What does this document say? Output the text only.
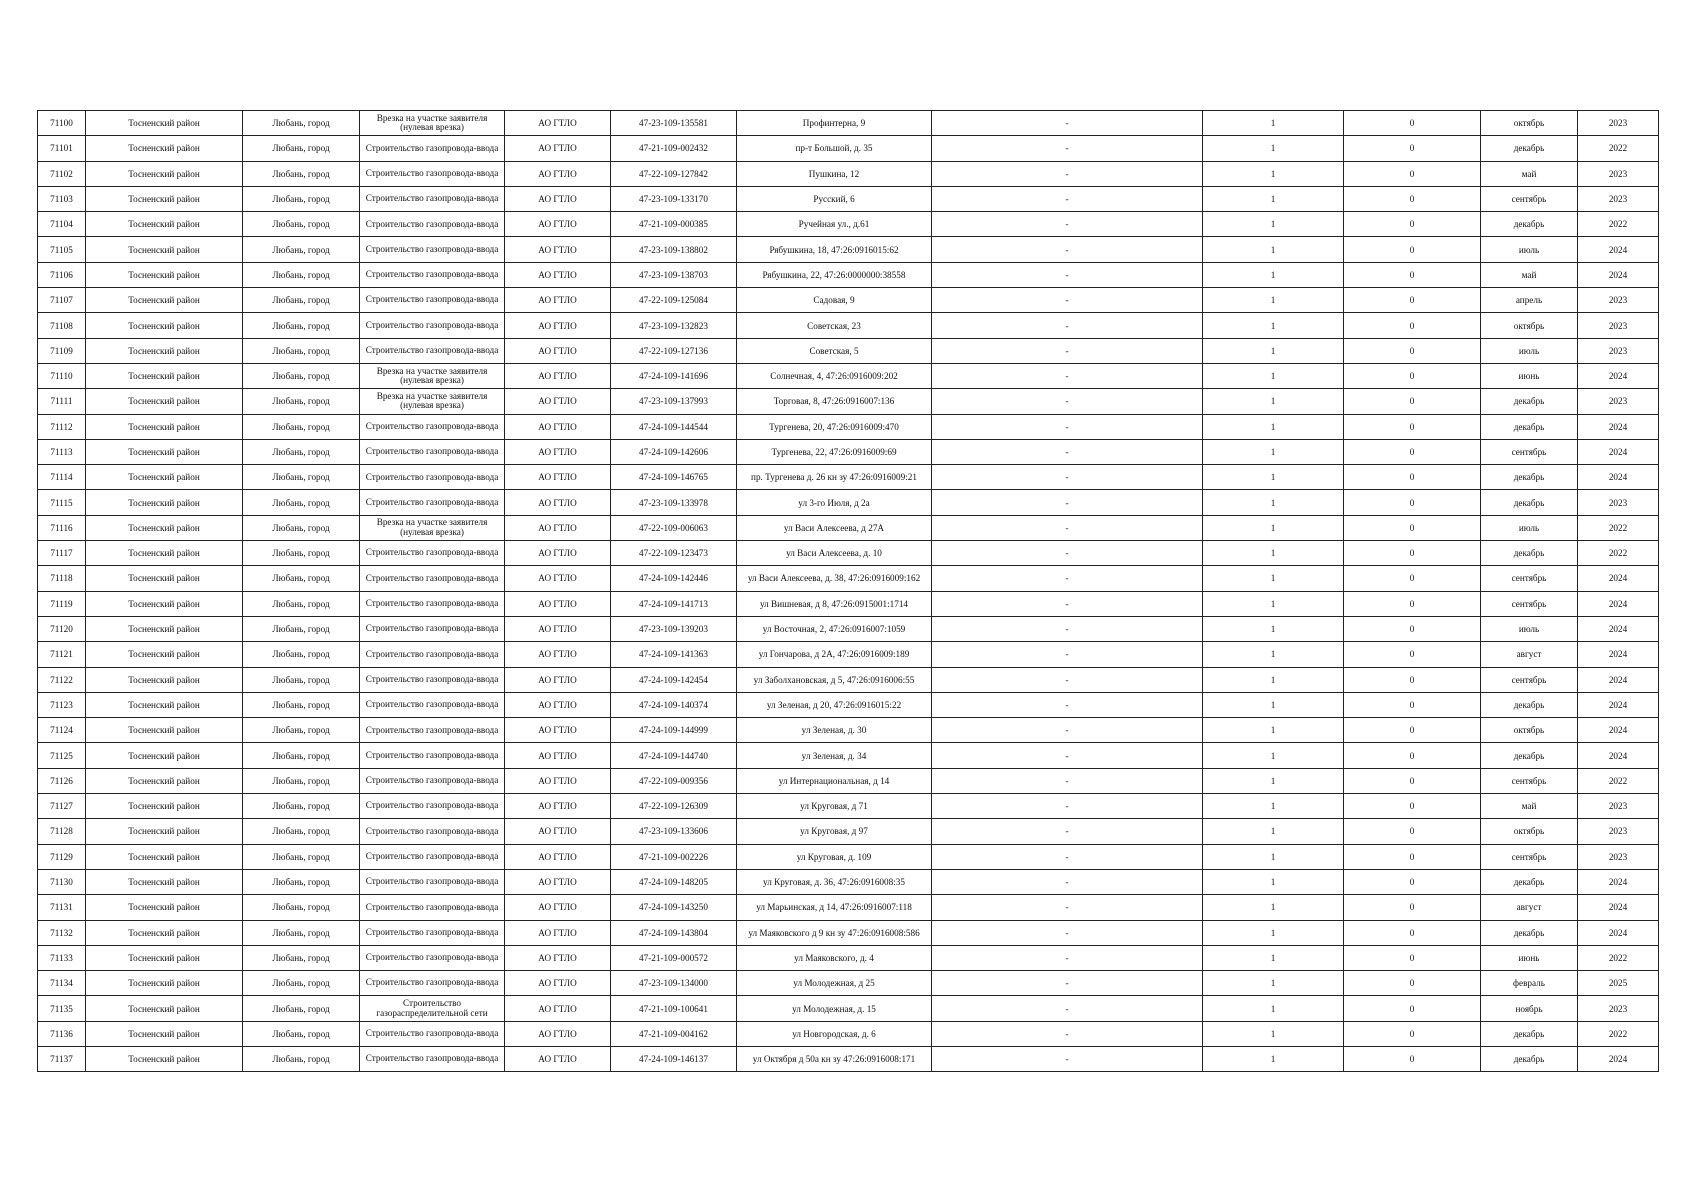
71100	Тосненский район	Любань, город	Врезка на участке заявителя (нулевая врезка)	АО ГТЛО	47-23-109-135581	Профинтерна, 9	-	1	0	октябрь	2023
71101	Тосненский район	Любань, город	Строительство газопровода-ввода	АО ГТЛО	47-21-109-002432	пр-т Большой, д. 35	-	1	0	декабрь	2022
71102	Тосненский район	Любань, город	Строительство газопровода-ввода	АО ГТЛО	47-22-109-127842	Пушкина, 12	-	1	0	май	2023
71103	Тосненский район	Любань, город	Строительство газопровода-ввода	АО ГТЛО	47-23-109-133170	Русский, 6	-	1	0	сентябрь	2023
71104	Тосненский район	Любань, город	Строительство газопровода-ввода	АО ГТЛО	47-21-109-000385	Ручейная ул., д.61	-	1	0	декабрь	2022
71105	Тосненский район	Любань, город	Строительство газопровода-ввода	АО ГТЛО	47-23-109-138802	Рябушкина, 18, 47:26:0916015:62	-	1	0	июль	2024
71106	Тосненский район	Любань, город	Строительство газопровода-ввода	АО ГТЛО	47-23-109-138703	Рябушкина, 22, 47:26:0000000:38558	-	1	0	май	2024
71107	Тосненский район	Любань, город	Строительство газопровода-ввода	АО ГТЛО	47-22-109-125084	Садовая, 9	-	1	0	апрель	2023
71108	Тосненский район	Любань, город	Строительство газопровода-ввода	АО ГТЛО	47-23-109-132823	Советская, 23	-	1	0	октябрь	2023
71109	Тосненский район	Любань, город	Строительство газопровода-ввода	АО ГТЛО	47-22-109-127136	Советская, 5	-	1	0	июль	2023
71110	Тосненский район	Любань, город	Врезка на участке заявителя (нулевая врезка)	АО ГТЛО	47-24-109-141696	Солнечная, 4, 47:26:0916009:202	-	1	0	июнь	2024
71111	Тосненский район	Любань, город	Врезка на участке заявителя (нулевая врезка)	АО ГТЛО	47-23-109-137993	Торговая, 8, 47:26:0916007:136	-	1	0	декабрь	2023
71112	Тосненский район	Любань, город	Строительство газопровода-ввода	АО ГТЛО	47-24-109-144544	Тургенева, 20, 47:26:0916009:470	-	1	0	декабрь	2024
71113	Тосненский район	Любань, город	Строительство газопровода-ввода	АО ГТЛО	47-24-109-142606	Тургенева, 22, 47:26:0916009:69	-	1	0	сентябрь	2024
71114	Тосненский район	Любань, город	Строительство газопровода-ввода	АО ГТЛО	47-24-109-146765	пр. Тургенева д. 26 кн зу 47:26:0916009:21	-	1	0	декабрь	2024
71115	Тосненский район	Любань, город	Строительство газопровода-ввода	АО ГТЛО	47-23-109-133978	ул 3-го Июля, д 2а	-	1	0	декабрь	2023
71116	Тосненский район	Любань, город	Врезка на участке заявителя (нулевая врезка)	АО ГТЛО	47-22-109-006063	ул Васи Алексеева, д 27А	-	1	0	июль	2022
71117	Тосненский район	Любань, город	Строительство газопровода-ввода	АО ГТЛО	47-22-109-123473	ул Васи Алексеева, д. 10	-	1	0	декабрь	2022
71118	Тосненский район	Любань, город	Строительство газопровода-ввода	АО ГТЛО	47-24-109-142446	ул Васи Алексеева, д. 38, 47:26:0916009:162	-	1	0	сентябрь	2024
71119	Тосненский район	Любань, город	Строительство газопровода-ввода	АО ГТЛО	47-24-109-141713	ул Вишневая, д 8, 47:26:0915001:1714	-	1	0	сентябрь	2024
71120	Тосненский район	Любань, город	Строительство газопровода-ввода	АО ГТЛО	47-23-109-139203	ул Восточная, 2, 47:26:0916007:1059	-	1	0	июль	2024
71121	Тосненский район	Любань, город	Строительство газопровода-ввода	АО ГТЛО	47-24-109-141363	ул Гончарова, д 2А, 47:26:0916009:189	-	1	0	август	2024
71122	Тосненский район	Любань, город	Строительство газопровода-ввода	АО ГТЛО	47-24-109-142454	ул Заболхановская, д 5, 47:26:0916006:55	-	1	0	сентябрь	2024
71123	Тосненский район	Любань, город	Строительство газопровода-ввода	АО ГТЛО	47-24-109-140374	ул Зеленая, д 20, 47:26:0916015:22	-	1	0	декабрь	2024
71124	Тосненский район	Любань, город	Строительство газопровода-ввода	АО ГТЛО	47-24-109-144999	ул Зеленая, д. 30	-	1	0	октябрь	2024
71125	Тосненский район	Любань, город	Строительство газопровода-ввода	АО ГТЛО	47-24-109-144740	ул Зеленая, д. 34	-	1	0	декабрь	2024
71126	Тосненский район	Любань, город	Строительство газопровода-ввода	АО ГТЛО	47-22-109-009356	ул Интернациональная, д 14	-	1	0	сентябрь	2022
71127	Тосненский район	Любань, город	Строительство газопровода-ввода	АО ГТЛО	47-22-109-126309	ул Круговая, д 71	-	1	0	май	2023
71128	Тосненский район	Любань, город	Строительство газопровода-ввода	АО ГТЛО	47-23-109-133606	ул Круговая, д 97	-	1	0	октябрь	2023
71129	Тосненский район	Любань, город	Строительство газопровода-ввода	АО ГТЛО	47-21-109-002226	ул Круговая, д. 109	-	1	0	сентябрь	2023
71130	Тосненский район	Любань, город	Строительство газопровода-ввода	АО ГТЛО	47-24-109-148205	ул Круговая, д. 36, 47:26:0916008:35	-	1	0	декабрь	2024
71131	Тосненский район	Любань, город	Строительство газопровода-ввода	АО ГТЛО	47-24-109-143250	ул Марьинская, д 14, 47:26:0916007:118	-	1	0	август	2024
71132	Тосненский район	Любань, город	Строительство газопровода-ввода	АО ГТЛО	47-24-109-143804	ул Маяковского д 9 кн зу 47:26:0916008:586	-	1	0	декабрь	2024
71133	Тосненский район	Любань, город	Строительство газопровода-ввода	АО ГТЛО	47-21-109-000572	ул Маяковского, д. 4	-	1	0	июнь	2022
71134	Тосненский район	Любань, город	Строительство газопровода-ввода	АО ГТЛО	47-23-109-134000	ул Молодежная, д 25	-	1	0	февраль	2025
71135	Тосненский район	Любань, город	Строительство газораспределительной сети	АО ГТЛО	47-21-109-100641	ул Молодежная, д. 15	-	1	0	ноябрь	2023
71136	Тосненский район	Любань, город	Строительство газопровода-ввода	АО ГТЛО	47-21-109-004162	ул Новгородская, д. 6	-	1	0	декабрь	2022
71137	Тосненский район	Любань, город	Строительство газопровода-ввода	АО ГТЛО	47-24-109-146137	ул Октября д 50а кн зу 47:26:0916008:171	-	1	0	декабрь	2024
